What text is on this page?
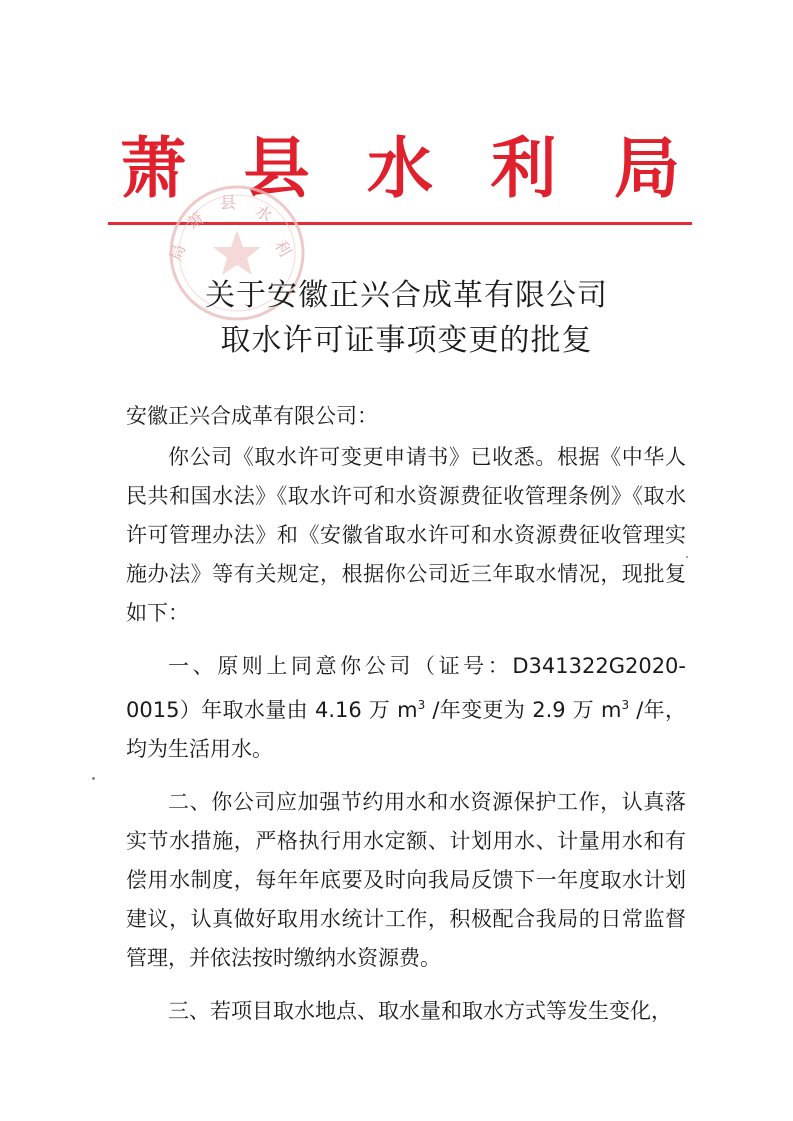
萧 县 水 利 局
萧
县 水
利
局
关于安徽正兴合成革有限公司
取水许可证事项变更的批复
安徽正兴合成革有限公司：

你公司《取水许可变更申请书》已收悉。根据《中华人民共和国水法》《取水许可和水资源费征收管理条例》《取水许可管理办法》和《安徽省取水许可和水资源费征收管理实施办法》等有关规定，根据你公司近三年取水情况，现批复如下：

一、原则上同意你公司（证号：D341322G2020-0015）年取水量由 4.16 万 $m^3$ /年变更为 2.9 万 $m^3$ /年，均为生活用水。

二、你公司应加强节约用水和水资源保护工作，认真落实节水措施，严格执行用水定额、计划用水、计量用水和有偿用水制度，每年年底要及时向我局反馈下一年度取水计划建议，认真做好取用水统计工作，积极配合我局的日常监督管理，并依法按时缴纳水资源费。

三、若项目取水地点、取水量和取水方式等发生变化，
